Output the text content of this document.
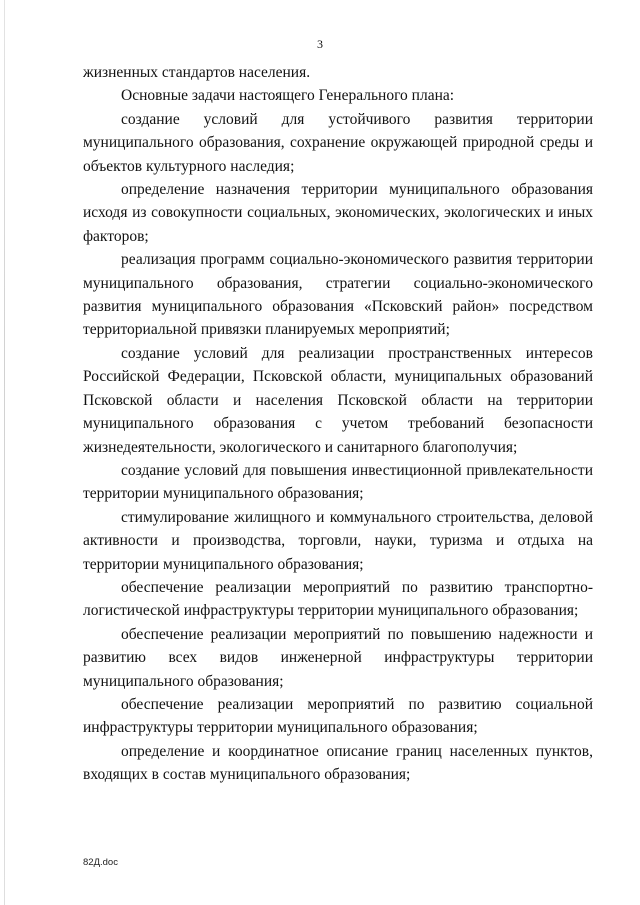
3

жизненных стандартов населения.

Основные задачи настоящего Генерального плана:

создание условий для устойчивого развития территории муниципального образования, сохранение окружающей природной среды и объектов культурного наследия;

определение назначения территории муниципального образования исходя из совокупности социальных, экономических, экологических и иных факторов;

реализация программ социально-экономического развития территории муниципального образования, стратегии социально-экономического развития муниципального образования «Псковский район» посредством территориальной привязки планируемых мероприятий;

создание условий для реализации пространственных интересов Российской Федерации, Псковской области, муниципальных образований Псковской области и населения Псковской области на территории муниципального образования с учетом требований безопасности жизнедеятельности, экологического и санитарного благополучия;

создание условий для повышения инвестиционной привлекательности территории муниципального образования;

стимулирование жилищного и коммунального строительства, деловой активности и производства, торговли, науки, туризма и отдыха на территории муниципального образования;

обеспечение реализации мероприятий по развитию транспортно-логистической инфраструктуры территории муниципального образования;

обеспечение реализации мероприятий по повышению надежности и развитию всех видов инженерной инфраструктуры территории муниципального образования;

обеспечение реализации мероприятий по развитию социальной инфраструктуры территории муниципального образования;

определение и координатное описание границ населенных пунктов, входящих в состав муниципального образования;

82Д.doc
